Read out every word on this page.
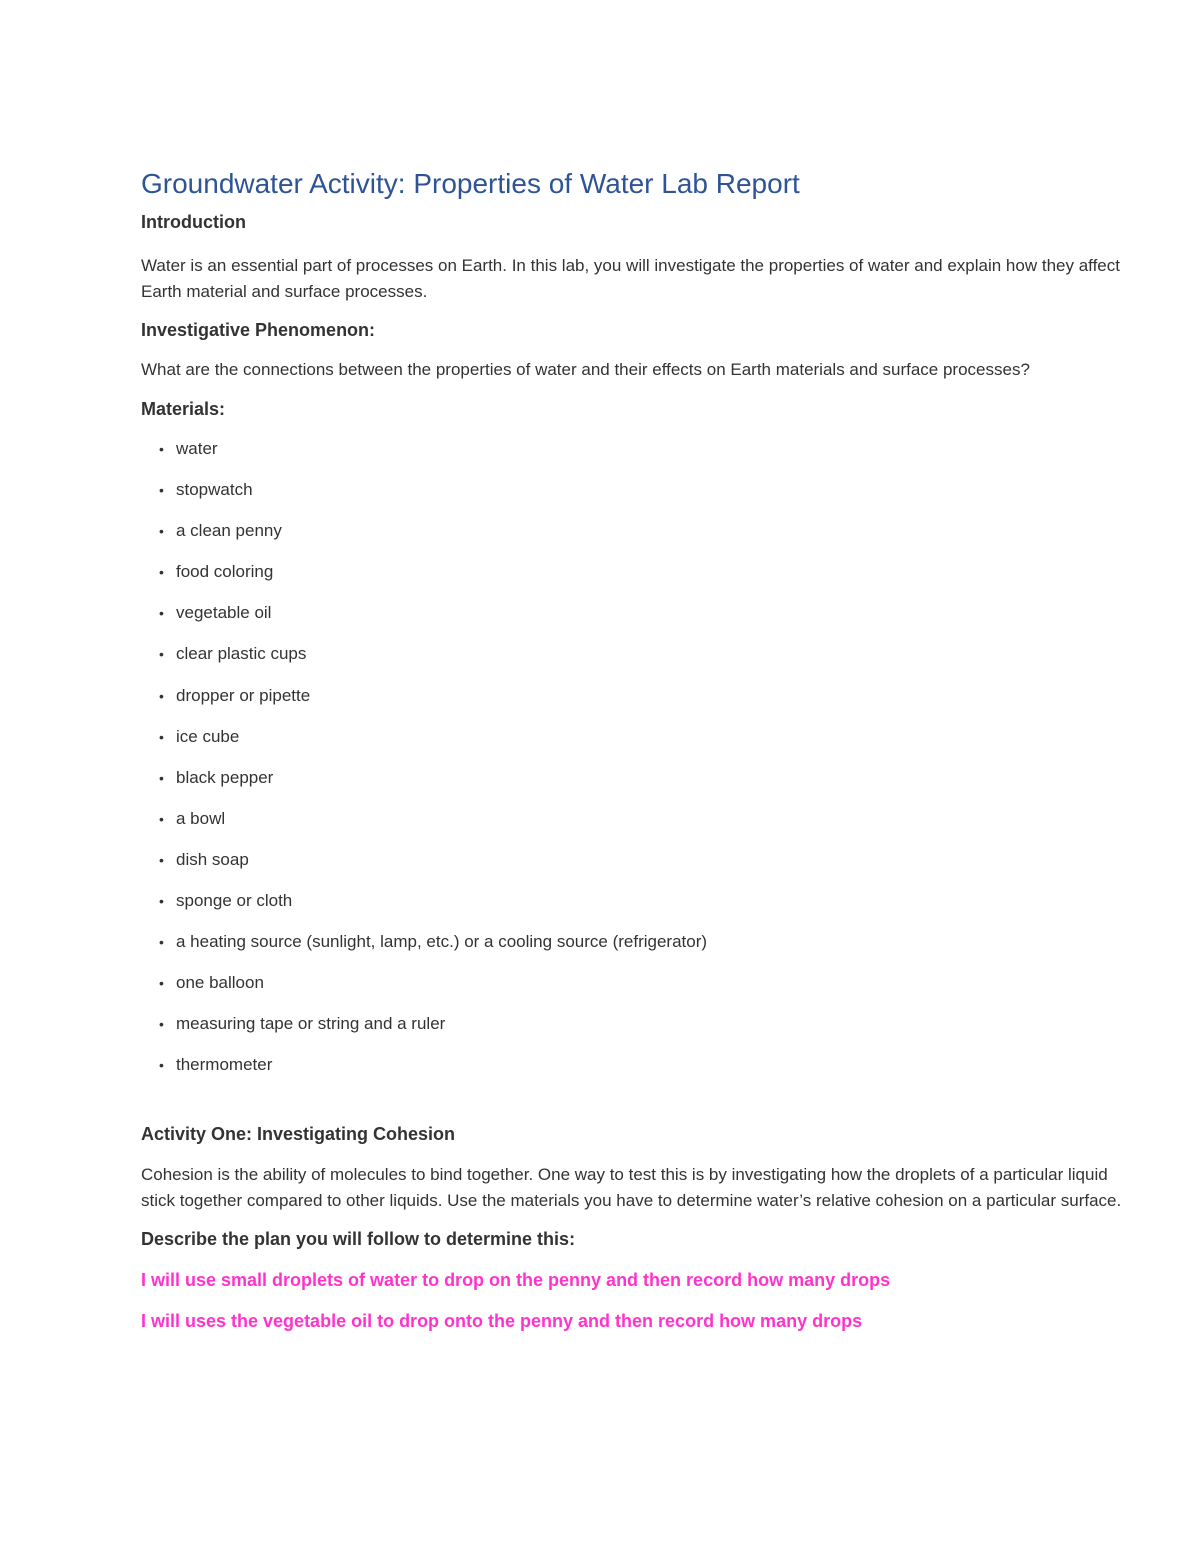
Groundwater Activity: Properties of Water Lab Report

Introduction

Water is an essential part of processes on Earth. In this lab, you will investigate the properties of water and explain how they affect Earth material and surface processes.

Investigative Phenomenon:

What are the connections between the properties of water and their effects on Earth materials and surface processes?

Materials:

• water
• stopwatch
• a clean penny
• food coloring
• vegetable oil
• clear plastic cups
• dropper or pipette
• ice cube
• black pepper
• a bowl
• dish soap
• sponge or cloth
• a heating source (sunlight, lamp, etc.) or a cooling source (refrigerator)
• one balloon
• measuring tape or string and a ruler
• thermometer

Activity One: Investigating Cohesion

Cohesion is the ability of molecules to bind together. One way to test this is by investigating how the droplets of a particular liquid stick together compared to other liquids. Use the materials you have to determine water’s relative cohesion on a particular surface.

Describe the plan you will follow to determine this:

I will use small droplets of water to drop on the penny and then record how many drops

I will uses the vegetable oil to drop onto the penny and then record how many drops
